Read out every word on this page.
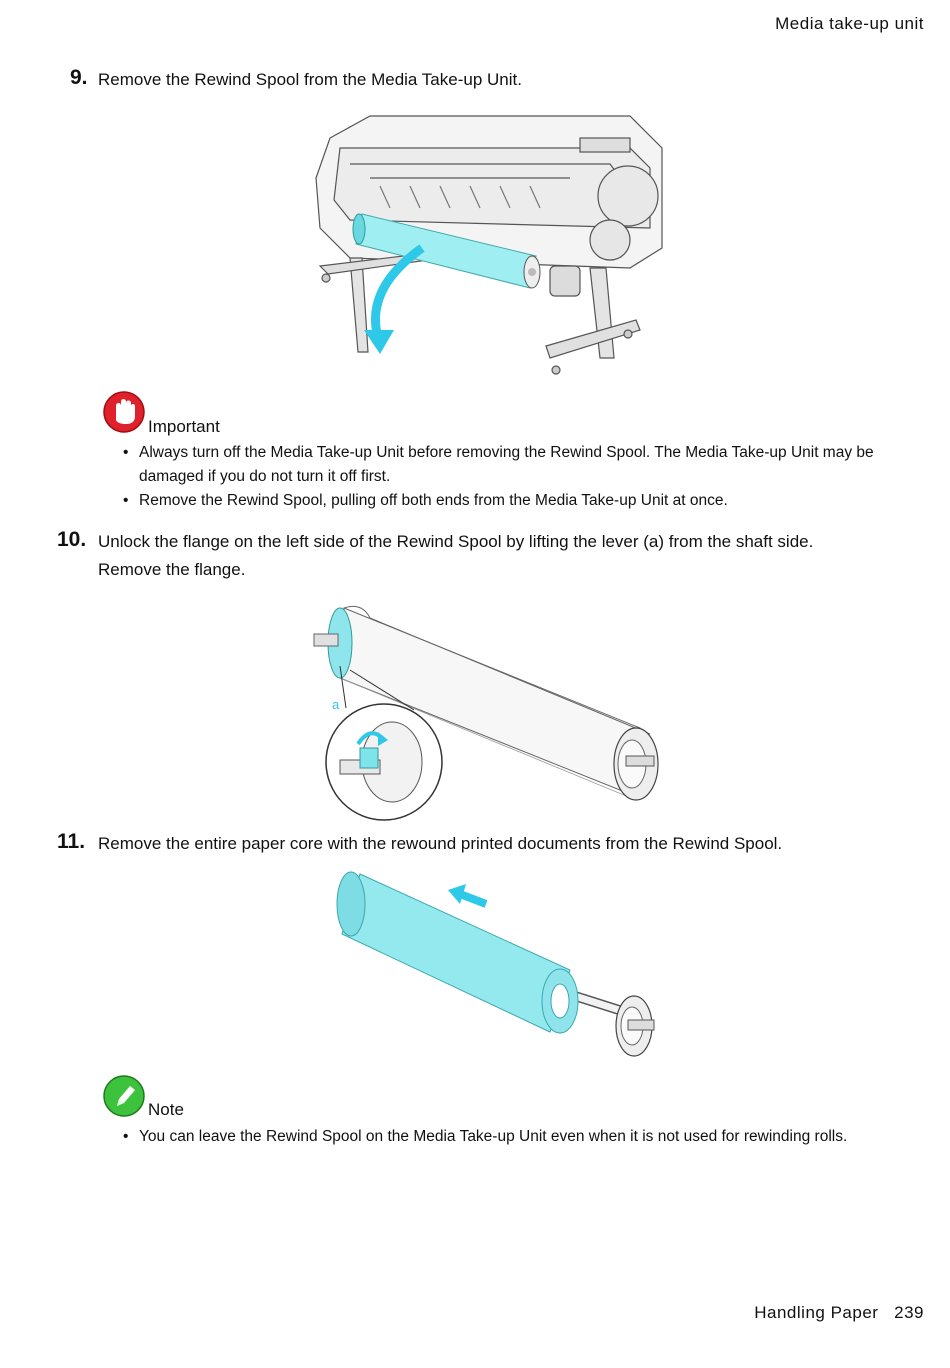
Media take-up unit
9. Remove the Rewind Spool from the Media Take-up Unit.
Important
• Always turn off the Media Take-up Unit before removing the Rewind Spool. The Media Take-up Unit may be damaged if you do not turn it off first.
• Remove the Rewind Spool, pulling off both ends from the Media Take-up Unit at once.
10. Unlock the flange on the left side of the Rewind Spool by lifting the lever (a) from the shaft side. Remove the flange.
a
11. Remove the entire paper core with the rewound printed documents from the Rewind Spool.
Note
• You can leave the Rewind Spool on the Media Take-up Unit even when it is not used for rewinding rolls.
Handling Paper 239
